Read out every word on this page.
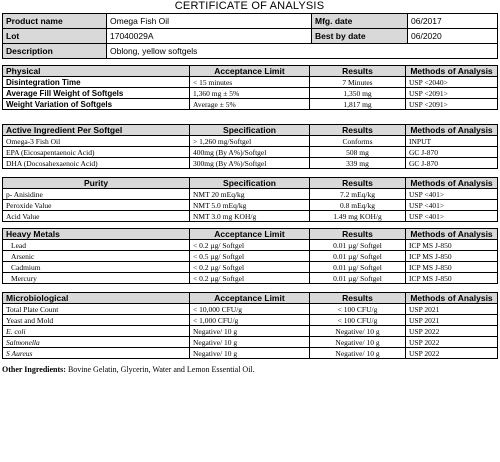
CERTIFICATE OF ANALYSIS
Product name	Omega Fish Oil	Mfg. date	06/2017
Lot	17040029A	Best by date	06/2020
Description	Oblong, yellow softgels		
Physical	Acceptance Limit	Results	Methods of Analysis
Disintegration Time	< 15 minutes	7 Minutes	USP <2040>
Average Fill Weight of Softgels	1,360 mg ± 5%	1,350 mg	USP <2091>
Weight Variation of Softgels	Average ± 5%	1,817 mg	USP <2091>
Active Ingredient Per Softgel	Specification	Results	Methods of Analysis
Omega-3 Fish Oil	> 1,260 mg/Softgel	Conforms	INPUT
EPA (Eicosapentaenoic Acid)	400mg (By A%)/Softgel	508 mg	GC J-870
DHA (Docosahexaenoic Acid)	300mg (By A%)/Softgel	339 mg	GC J-870
Purity	Specification	Results	Methods of Analysis
p- Anisidine	NMT 20 mEq/kg	7.2 mEq/kg	USP <401>
Peroxide Value	NMT 5.0 mEq/kg	0.8 mEq/kg	USP <401>
Acid Value	NMT 3.0 mg KOH/g	1.49 mg KOH/g	USP <401>
Heavy Metals	Acceptance Limit	Results	Methods of Analysis
Lead	< 0.2 µg/ Softgel	0.01 µg/ Softgel	ICP MS J-850
Arsenic	< 0.5 µg/ Softgel	0.01 µg/ Softgel	ICP MS J-850
Cadmium	< 0.2 µg/ Softgel	0.01 µg/ Softgel	ICP MS J-850
Mercury	< 0.2 µg/ Softgel	0.01 µg/ Softgel	ICP MS J-850
Microbiological	Acceptance Limit	Results	Methods of Analysis
Total Plate Count	< 10,000 CFU/g	< 100 CFU/g	USP 2021
Yeast and Mold	< 1,000 CFU/g	< 100 CFU/g	USP 2021
E. coli	Negative/ 10 g	Negative/ 10 g	USP 2022
Salmonella	Negative/ 10 g	Negative/ 10 g	USP 2022
S Aureus	Negative/ 10 g	Negative/ 10 g	USP 2022
Other Ingredients: Bovine Gelatin, Glycerin, Water and Lemon Essential Oil.
